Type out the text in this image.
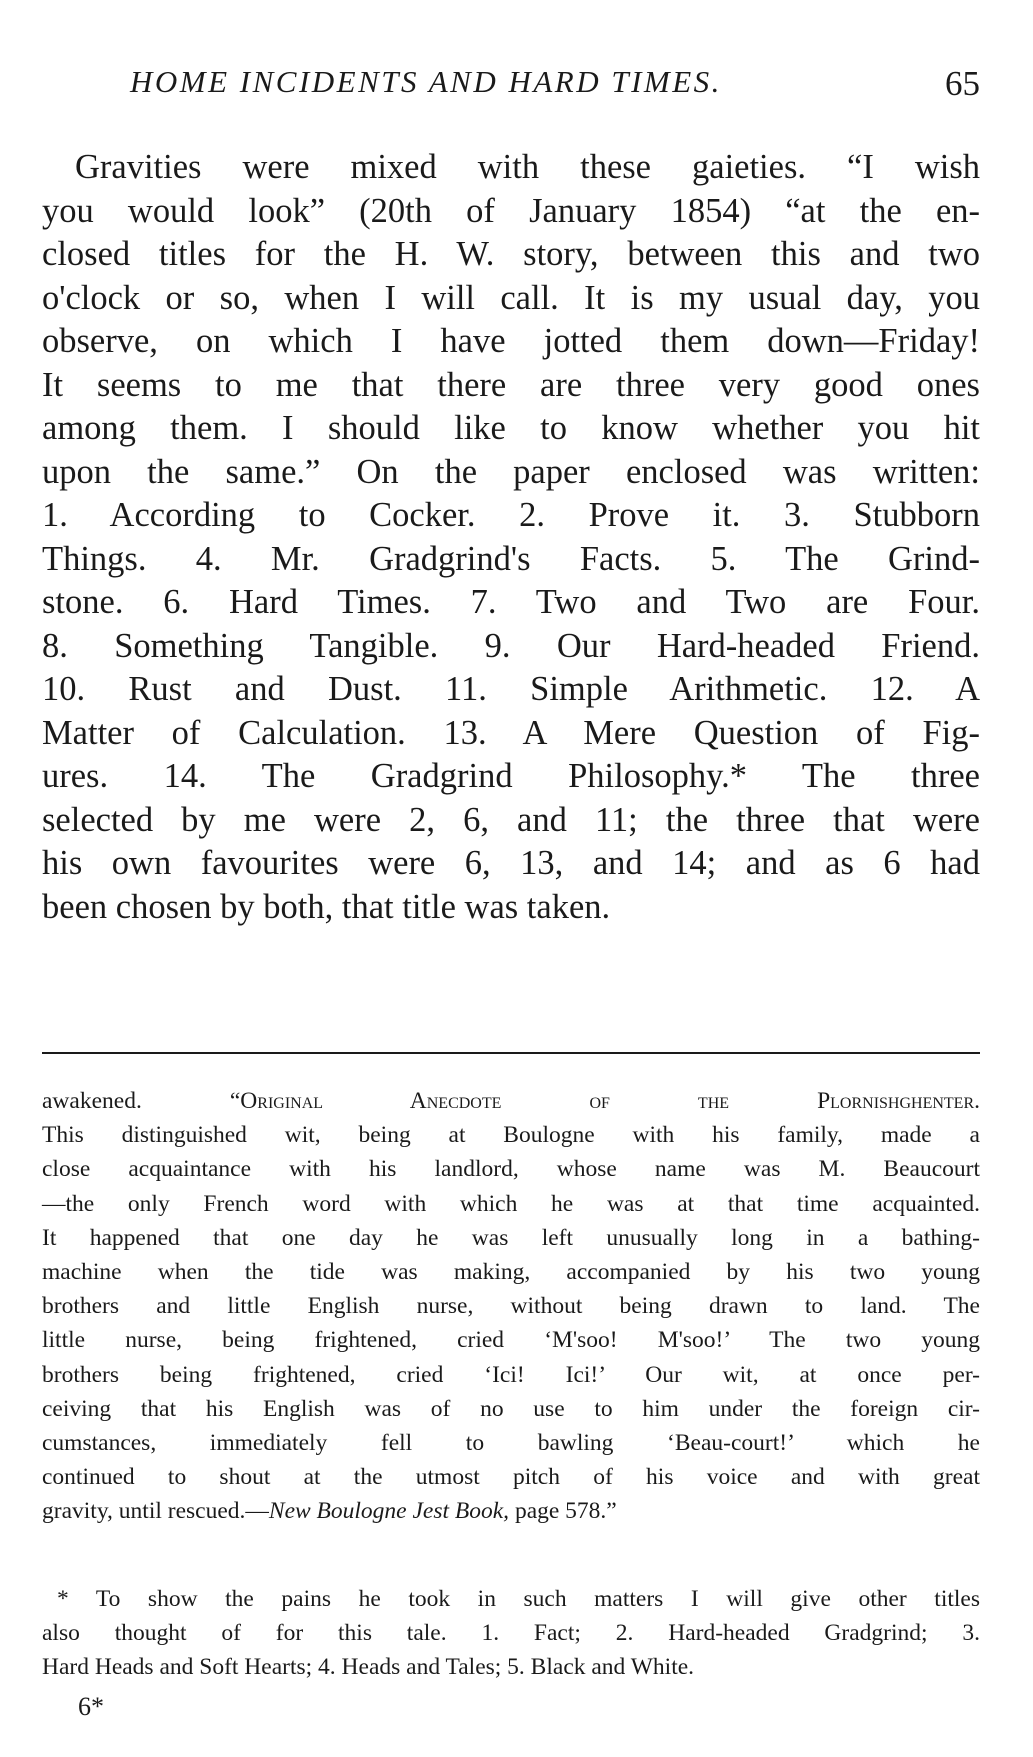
HOME INCIDENTS AND HARD TIMES.	65
Gravities were mixed with these gaieties. “I wish
you would look” (20th of January 1854) “at the en-
closed titles for the H. W. story, between this and two
o'clock or so, when I will call. It is my usual day, you
observe, on which I have jotted them down—Friday!
It seems to me that there are three very good ones
among them. I should like to know whether you hit
upon the same.” On the paper enclosed was written:
1. According to Cocker. 2. Prove it. 3. Stubborn
Things. 4. Mr. Gradgrind's Facts. 5. The Grind-
stone. 6. Hard Times. 7. Two and Two are Four.
8. Something Tangible. 9. Our Hard-headed Friend.
10. Rust and Dust. 11. Simple Arithmetic. 12. A
Matter of Calculation. 13. A Mere Question of Fig-
ures. 14. The Gradgrind Philosophy.* The three
selected by me were 2, 6, and 11; the three that were
his own favourites were 6, 13, and 14; and as 6 had
been chosen by both, that title was taken.
awakened.	“Original Anecdote of the Plornishghenter.
This distinguished wit, being at Boulogne with his family, made a
close acquaintance with his landlord, whose name was M. Beaucourt
—the only French word with which he was at that time acquainted.
It happened that one day he was left unusually long in a bathing-
machine when the tide was making, accompanied by his two young
brothers and little English nurse, without being drawn to land. The
little nurse, being frightened, cried ‘M'soo! M'soo!’ The two young
brothers being frightened, cried ‘Ici! Ici!’ Our wit, at once per-
ceiving that his English was of no use to him under the foreign cir-
cumstances, immediately fell to bawling ‘Beau-court!’ which he
continued to shout at the utmost pitch of his voice and with great
gravity, until rescued.—New Boulogne Jest Book, page 578.”
* To show the pains he took in such matters I will give other titles
also thought of for this tale. 1. Fact; 2. Hard-headed Gradgrind; 3.
Hard Heads and Soft Hearts; 4. Heads and Tales; 5. Black and White.
6*
